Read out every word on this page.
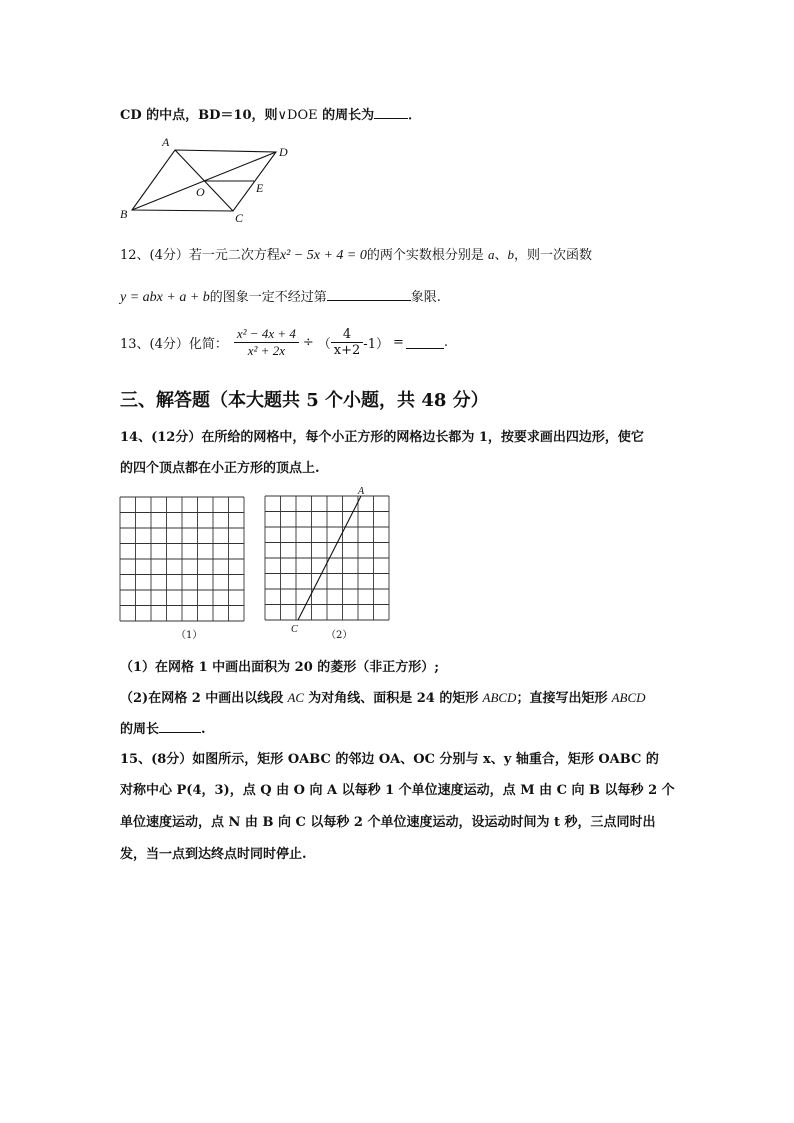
CD 的中点，BD＝10，则∨DOE 的周长为	．
A
D
O	E
B	C
12、(4分）若一元二次方程x² − 5x + 4 = 0的两个实数根分别是 a、b，则一次函数
y = abx + a + b的图象一定不经过第	象限.
13、(4分）化简： $\frac{\text{x² − 4x + 4}}{\text{x² + 2x}}$ ÷ （ $\frac{4}{x+2} -1$） =	.
三、解答题（本大题共 5 个小题，共 48 分）
14、(12分）在所给的网格中，每个小正方形的网格边长都为 1，按要求画出四边形，使它
的四个顶点都在小正方形的顶点上.
（1）
A
C
（2）
（1）在网格 1 中画出面积为 20 的菱形（非正方形）;
（2)在网格 2 中画出以线段 AC 为对角线、面积是 24 的矩形 ABCD；直接写出矩形 ABCD
的周长	.
15、(8分）如图所示，矩形 OABC 的邻边 OA、OC 分别与 x、y 轴重合，矩形 OABC 的
对称中心 P(4，3)，点 Q 由 O 向 A 以每秒 1 个单位速度运动，点 M 由 C 向 B 以每秒 2 个
单位速度运动，点 N 由 B 向 C 以每秒 2 个单位速度运动，设运动时间为 t 秒，三点同时出
发，当一点到达终点时同时停止.
